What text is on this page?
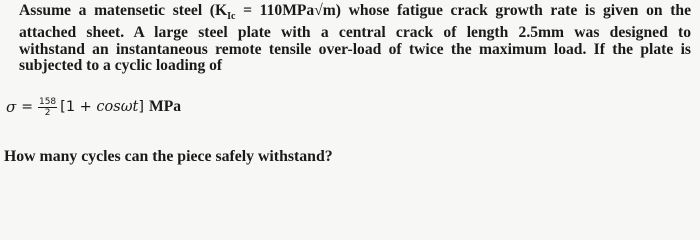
Assume a matensetic steel $(K_{Ic} = 110MPa√m)$ whose fatigue crack growth rate is given on the
attached sheet. A large steel plate with a central crack of length 2.5mm was designed to
withstand an instantaneous remote tensile over-load of twice the maximum load. If the plate is
subjected to a cyclic loading of
$\sigma = \frac{158}{2} [1 + \cos\omega t]$ MPa
How many cycles can the piece safely withstand?
